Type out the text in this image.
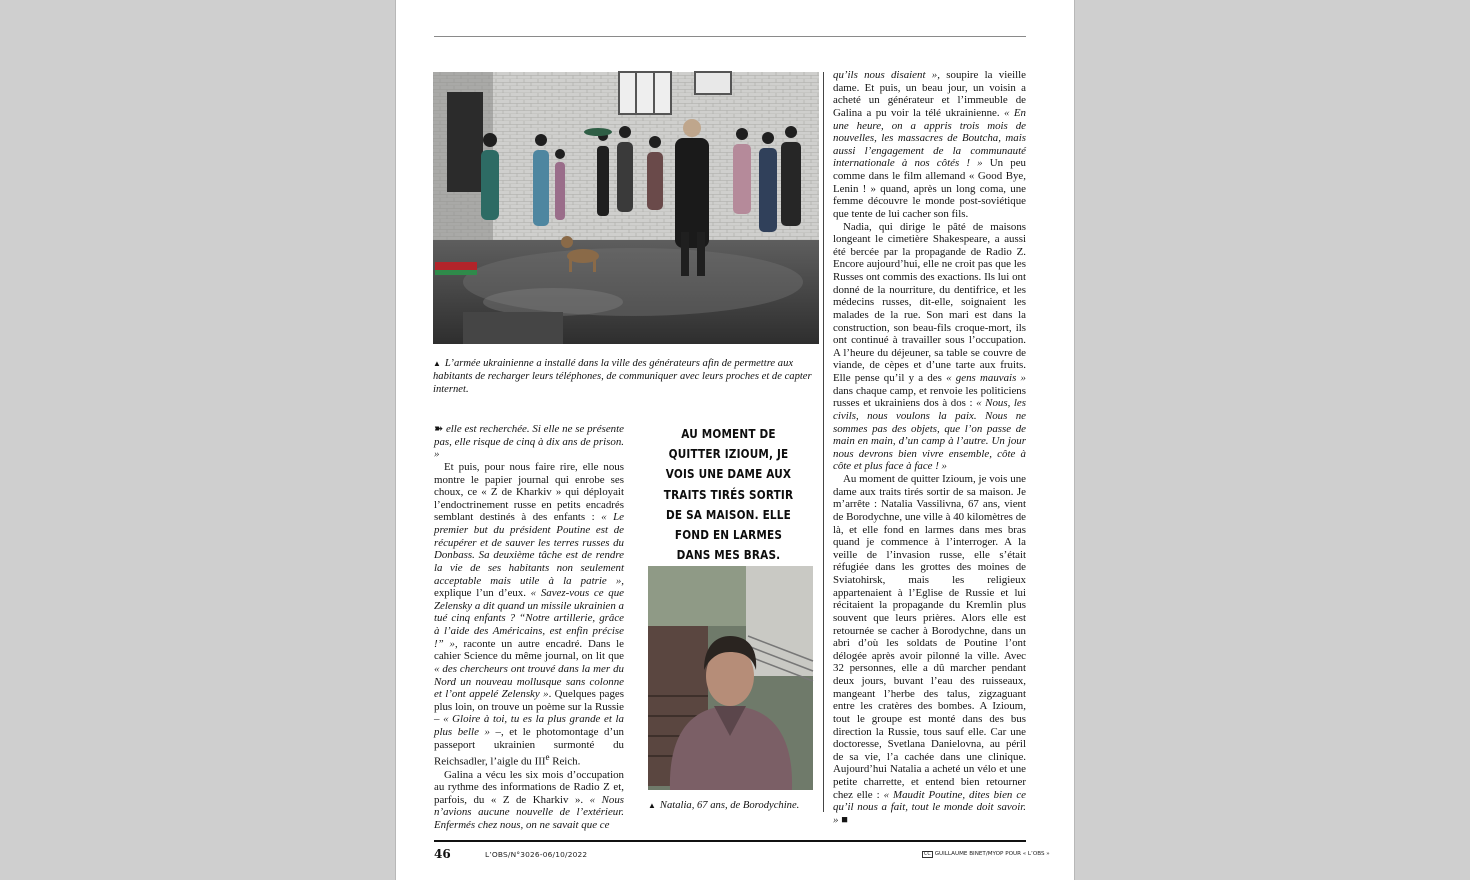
▲ L’armée ukrainienne a installé dans la ville des générateurs afin de permettre aux habitants de recharger leurs téléphones, de communiquer avec leurs proches et de capter internet.

➽ elle est recherchée. Si elle ne se présente pas, elle risque de cinq à dix ans de prison. »

Et puis, pour nous faire rire, elle nous montre le papier journal qui enrobe ses choux, ce « Z de Kharkiv » qui déployait l’endoctrinement russe en petits encadrés semblant destinés à des enfants : « Le premier but du président Poutine est de récupérer et de sauver les terres russes du Donbass. Sa deuxième tâche est de rendre la vie de ses habitants non seulement acceptable mais utile à la patrie », explique l’un d’eux. « Savez-vous ce que Zelensky a dit quand un missile ukrainien a tué cinq enfants ? “Notre artillerie, grâce à l’aide des Américains, est enfin précise !” », raconte un autre encadré. Dans le cahier Science du même journal, on lit que « des chercheurs ont trouvé dans la mer du Nord un nouveau mollusque sans colonne et l’ont appelé Zelensky ». Quelques pages plus loin, on trouve un poème sur la Russie – « Gloire à toi, tu es la plus grande et la plus belle » –, et le photomontage d’un passeport ukrainien surmonté du Reichsadler, l’aigle du IIIe Reich.

Galina a vécu les six mois d’occupation au rythme des informations de Radio Z et, parfois, du « Z de Kharkiv ». « Nous n’avions aucune nouvelle de l’extérieur. Enfermés chez nous, on ne savait que ce

AU MOMENT DE QUITTER IZIOUM, JE VOIS UNE DAME AUX TRAITS TIRÉS SORTIR DE SA MAISON. ELLE FOND EN LARMES DANS MES BRAS.
▲ Natalia, 67 ans, de Borodychine.

qu’ils nous disaient », soupire la vieille dame. Et puis, un beau jour, un voisin a acheté un générateur et l’immeuble de Galina a pu voir la télé ukrainienne. « En une heure, on a appris trois mois de nouvelles, les massacres de Boutcha, mais aussi l’engagement de la communauté internationale à nos côtés ! » Un peu comme dans le film allemand « Good Bye, Lenin ! » quand, après un long coma, une femme découvre le monde post-soviétique que tente de lui cacher son fils.

Nadia, qui dirige le pâté de maisons longeant le cimetière Shakespeare, a aussi été bercée par la propagande de Radio Z. Encore aujourd’hui, elle ne croit pas que les Russes ont commis des exactions. Ils lui ont donné de la nourriture, du dentifrice, et les médecins russes, dit-elle, soignaient les malades de la rue. Son mari est dans la construction, son beau-fils croque-mort, ils ont continué à travailler sous l’occupation. A l’heure du déjeuner, sa table se couvre de viande, de cèpes et d’une tarte aux fruits. Elle pense qu’il y a des « gens mauvais » dans chaque camp, et renvoie les politiciens russes et ukrainiens dos à dos : « Nous, les civils, nous voulons la paix. Nous ne sommes pas des objets, que l’on passe de main en main, d’un camp à l’autre. Un jour nous devrons bien vivre ensemble, côte à côte et plus face à face ! »

Au moment de quitter Izioum, je vois une dame aux traits tirés sortir de sa maison. Je m’arrête : Natalia Vassilivna, 67 ans, vient de Borodychne, une ville à 40 kilomètres de là, et elle fond en larmes dans mes bras quand je commence à l’interroger. A la veille de l’invasion russe, elle s’était réfugiée dans les grottes des moines de Sviatohirsk, mais les religieux appartenaient à l’Eglise de Russie et lui récitaient la propagande du Kremlin plus souvent que leurs prières. Alors elle est retournée se cacher à Borodychne, dans un abri d’où les soldats de Poutine l’ont délogée après avoir pilonné la ville. Avec 32 personnes, elle a dû marcher pendant deux jours, buvant l’eau des ruisseaux, mangeant l’herbe des talus, zigzaguant entre les cratères des bombes. A Izioum, tout le groupe est monté dans des bus direction la Russie, tous sauf elle. Car une doctoresse, Svetlana Danielovna, au péril de sa vie, l’a cachée dans une clinique. Aujourd’hui Natalia a acheté un vélo et une petite charrette, et entend bien retourner chez elle : « Maudit Poutine, dites bien ce qu’il nous a fait, tout le monde doit savoir. » ■

46	L’OBS/N°3026-06/10/2022	CC GUILLAUME BINET/MYOP POUR « L’OBS »
